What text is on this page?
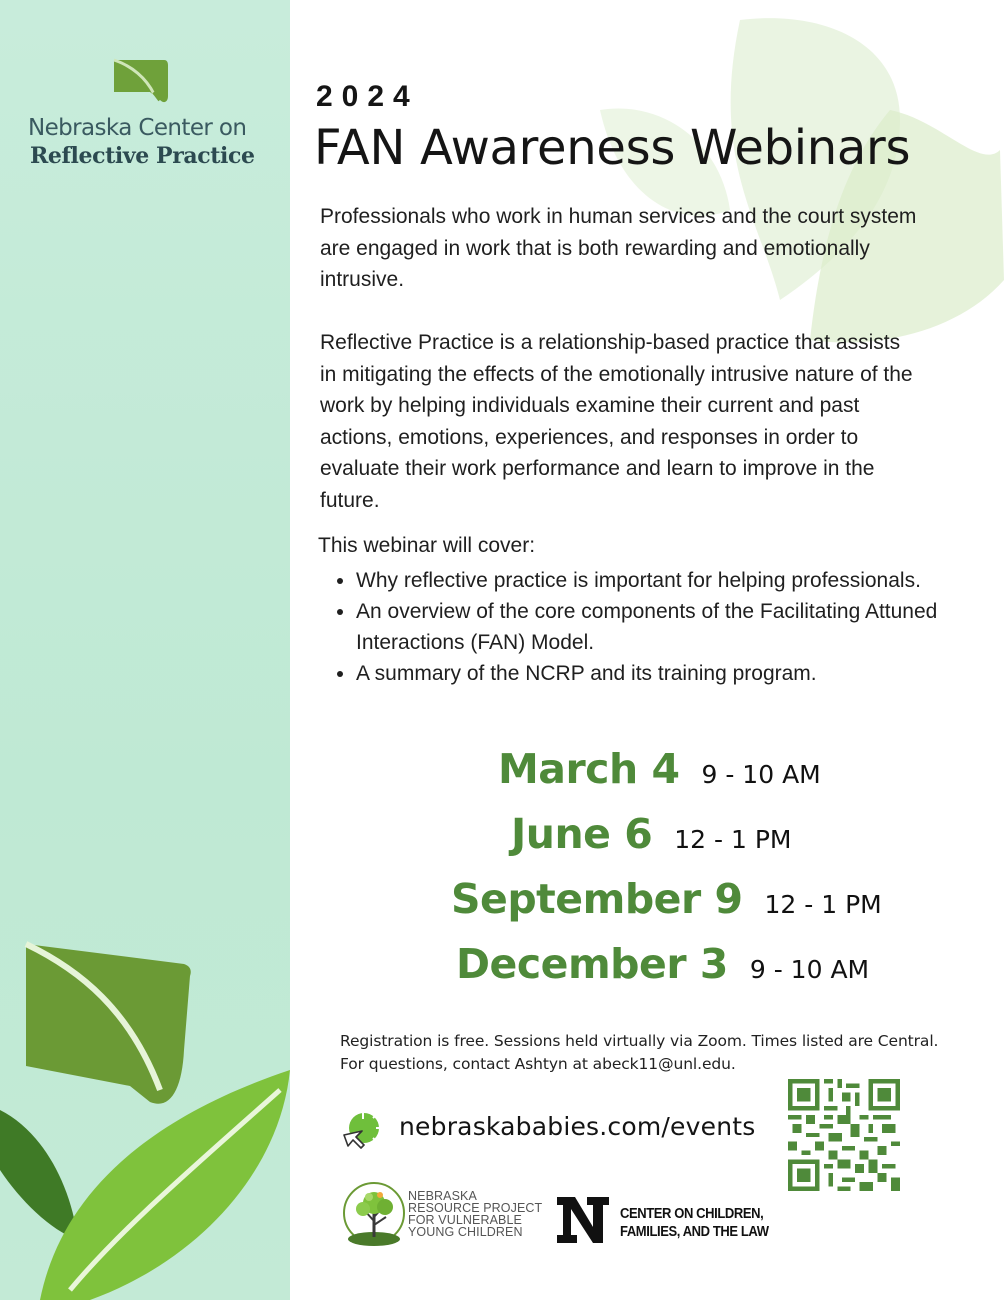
Nebraska Center on
Reflective Practice
2024
FAN Awareness Webinars
Professionals who work in human services and the court system are engaged in work that is both rewarding and emotionally intrusive.
Reflective Practice is a relationship-based practice that assists in mitigating the effects of the emotionally intrusive nature of the work by helping individuals examine their current and past actions, emotions, experiences, and responses in order to evaluate their work performance and learn to improve in the future.
This webinar will cover:
• Why reflective practice is important for helping professionals.
• An overview of the core components of the Facilitating Attuned Interactions (FAN) Model.
• A summary of the NCRP and its training program.
March 4 9 - 10 AM
June 6 12 - 1 PM
September 9 12 - 1 PM
December 3 9 - 10 AM
Registration is free. Sessions held virtually via Zoom. Times listed are Central.
For questions, contact Ashtyn at abeck11@unl.edu.
nebraskababies.com/events
NEBRASKA
RESOURCE PROJECT
FOR VULNERABLE
YOUNG CHILDREN
CENTER ON CHILDREN,
FAMILIES, AND THE LAW
